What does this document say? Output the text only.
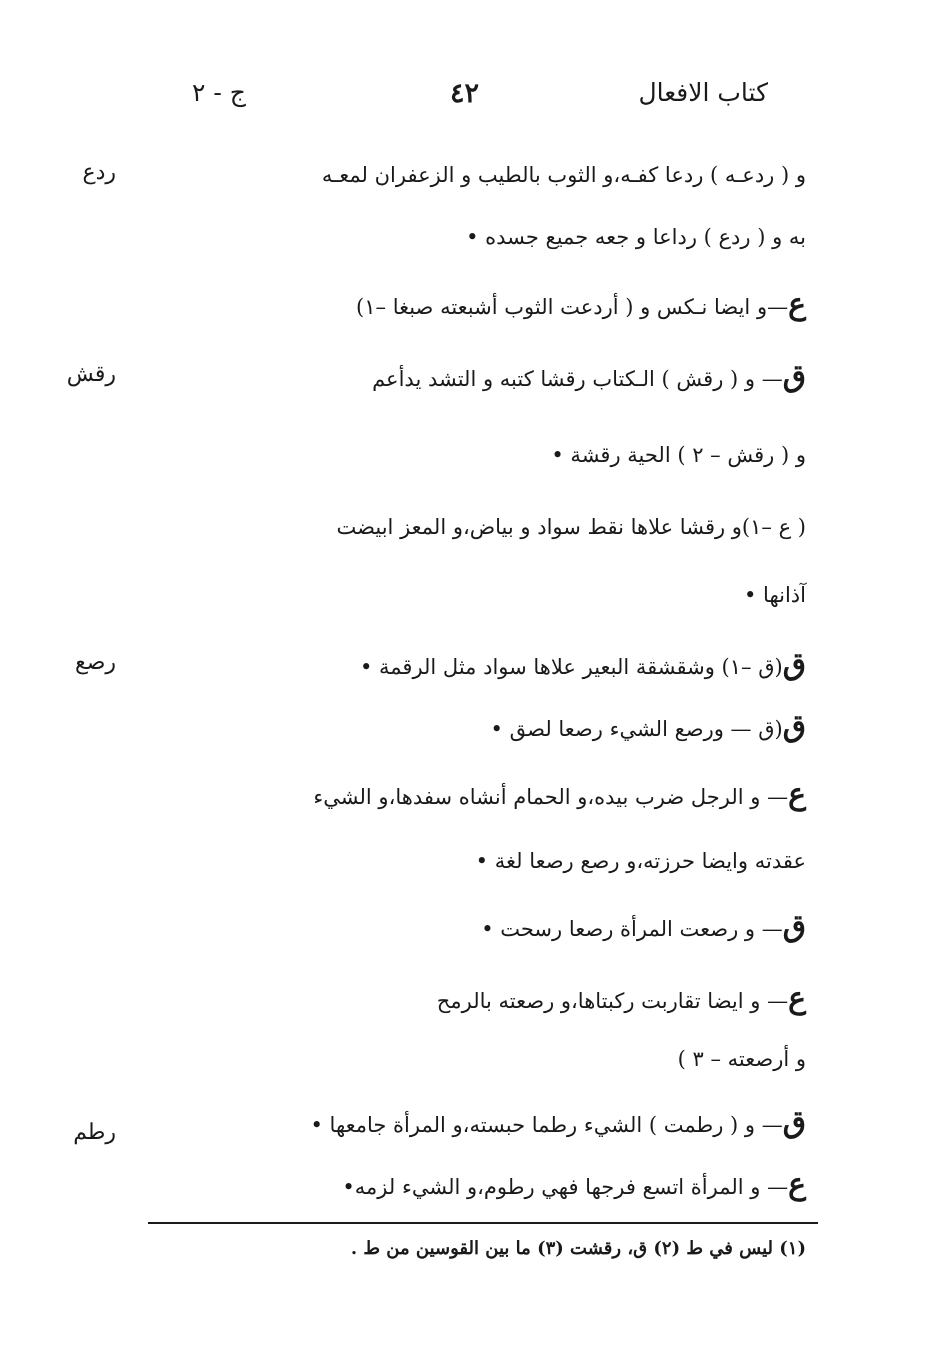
كتاب الافعال
٤٢
ج - ٢
ردع
رقش
رصع
رطم
و ( ردعـه ) ردعا كفـه،و الثوب بالطيب و الزعفران لمعـه
به و ( ردع ) رداعا و جعه جميع جسده •
ع—و ايضا نـكس و ( أردعت الثوب أشبعته صبغا –١)
ق— و ( رقش ) الـكتاب رقشا كتبه و التشد يدأعم
و ( رقش – ٢ ) الحية رقشة •
( ع –١)و رقشا علاها نقط سواد و بياض،و المعز ابيضت
آذانها •
ق(ق –١) وشقشقة البعير علاها سواد مثل الرقمة •
ق(ق — ورصع الشيء رصعا لصق •
ع— و الرجل ضرب بيده،و الحمام أنشاه سفدها،و الشيء
عقدته وايضا حرزته،و رصع رصعا لغة •
ق— و رصعت المرأة رصعا رسحت •
ع— و ايضا تقاربت ركبتاها،و رصعته بالرمح
و أرصعته – ٣ )
ق— و ( رطمت ) الشيء رطما حبسته،و المرأة جامعها •
ع— و المرأة اتسع فرجها فهي رطوم،و الشيء لزمه•
(١) ليس في ط (٢) ق، رقشت (٣) ما بين القوسين من ط .
